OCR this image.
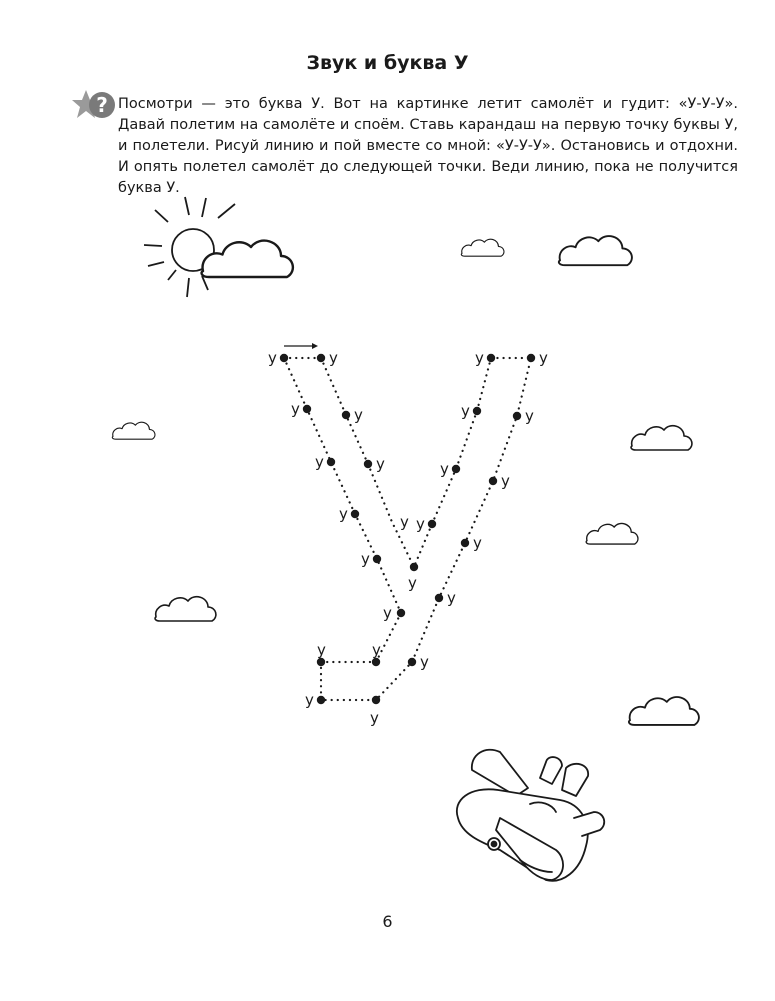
Звук и буква У
? Посмотри — это буква У. Вот на картинке летит самолёт и гудит: «У-У-У». Давай полетим на самолёте и споём. Ставь карандаш на первую точку буквы У, и полетели. Рисуй линию и пой вместе со мной: «У-У-У». Остановись и отдохни. И опять полетел самолёт до следующей точки. Веди линию, пока не получится буква У.
у	у
у	у
у	у
у	у
у
у
у
у
у	у
у
у
у
у	у
у	у
у
у
у
у
6
